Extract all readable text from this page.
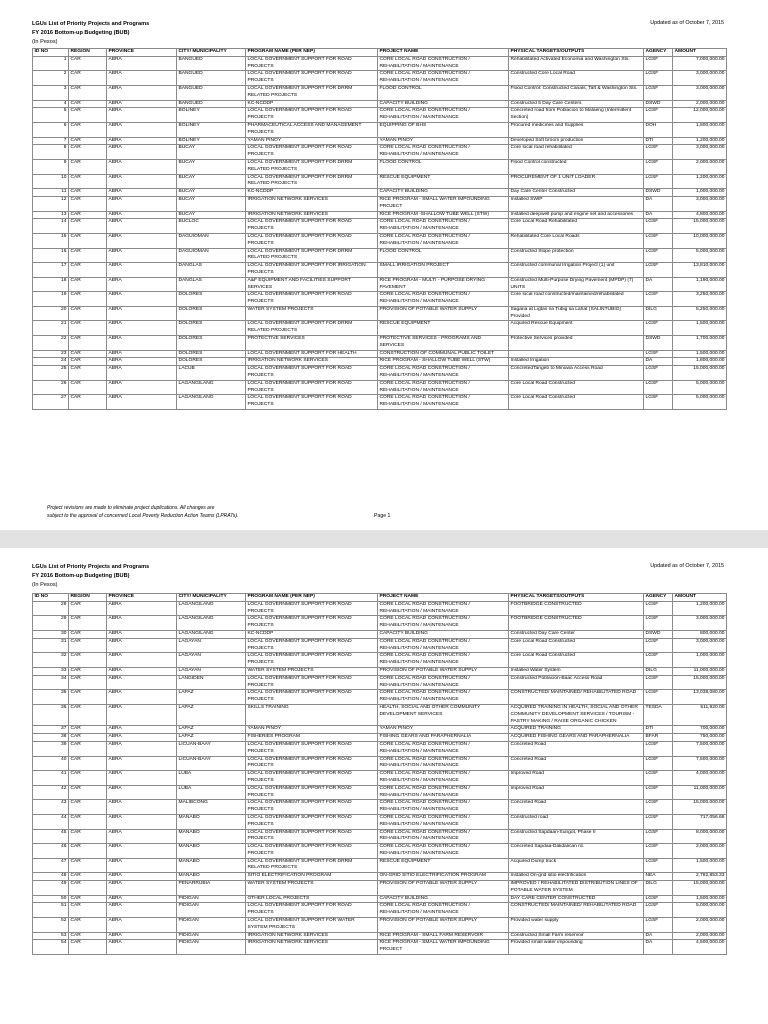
LGUs List of Priority Projects and Programs
FY 2016 Bottom-up Budgeting (BUB)
(In Pesos)
Updated as of October 7, 2015
ID NO	REGION	PROVINCE	CITY/ MUNICIPALITY	PROGRAM NAME (PER NEP)	PROJECT NAME	PHYSICAL TARGETS/OUTPUTS	AGENCY	AMOUNT
1	CAR	ABRA	BANGUED	LOCAL GOVERNMENT SUPPORT FOR ROAD PROJECTS	CORE LOCAL ROAD CONSTRUCTION / REHABILITATION / MAINTENANCE	Rehabilitated Activated Economia and Washington Sts.	LGSF	7,000,000.00
2	CAR	ABRA	BANGUED	LOCAL GOVERNMENT SUPPORT FOR ROAD PROJECTS	CORE LOCAL ROAD CONSTRUCTION / REHABILITATION / MAINTENANCE	Constructed Core Local Road	LGSF	3,000,000.00
3	CAR	ABRA	BANGUED	LOCAL GOVERNMENT SUPPORT FOR DRRM RELATED PROJECTS	FLOOD CONTROL	Flood Control: Constructed Canals, Taft & Washington Sts.	LGSF	3,000,000.00
4	CAR	ABRA	BANGUED	KC-NCDDP	CAPACITY BUILDING	Constructed 5 Day Care Centers	DSWD	2,000,000.00
5	CAR	ABRA	BOLINEY	LOCAL GOVERNMENT SUPPORT FOR ROAD PROJECTS	CORE LOCAL ROAD CONSTRUCTION / REHABILITATION / MAINTENANCE	Concreted road from Poblacion to Malaeng (Intermittent Section)	LGSF	12,000,000.00
6	CAR	ABRA	BOLINEY	PHARMACEUTICAL ACCESS AND MANAGEMENT PROJECTS	EQUIPPING OF BHS	Procured medicines and Supplies	DOH	1,800,000.00
7	CAR	ABRA	BOLINEY	YAMAN PINOY	YAMAN PINOY	Developed Soft broom production	DTI	1,200,000.00
8	CAR	ABRA	BUCAY	LOCAL GOVERNMENT SUPPORT FOR ROAD PROJECTS	CORE LOCAL ROAD CONSTRUCTION / REHABILITATION / MAINTENANCE	Core local road rehabilitated	LGSF	3,000,000.00
9	CAR	ABRA	BUCAY	LOCAL GOVERNMENT SUPPORT FOR DRRM RELATED PROJECTS	FLOOD CONTROL	Flood Control constructed	LGSF	2,000,000.00
10	CAR	ABRA	BUCAY	LOCAL GOVERNMENT SUPPORT FOR DRRM RELATED PROJECTS	RESCUE EQUIPMENT	PROCUREMENT OF 1 UNIT LOADER	LGSF	1,200,000.00
11	CAR	ABRA	BUCAY	KC-NCDDP	CAPACITY BUILDING	Day Care Center Constructed	DSWD	1,000,000.00
12	CAR	ABRA	BUCAY	IRRIGATION NETWORK SERVICES	RICE PROGRAM - SMALL WATER IMPOUNDING PROJECT	Installed SWIP	DA	3,000,000.00
13	CAR	ABRA	BUCAY	IRRIGATION NETWORK SERVICES	RICE PROGRAM -SHALLOW TUBE WELL (STW)	Installed deepwell pump and engine set and accessories	DA	4,800,000.00
14	CAR	ABRA	BUCLOC	LOCAL GOVERNMENT SUPPORT FOR ROAD PROJECTS	CORE LOCAL ROAD CONSTRUCTION / REHABILITATION / MAINTENANCE	Core Local Road Rehabilitated	LGSF	15,000,000.00
15	CAR	ABRA	DAGUIOMAN	LOCAL GOVERNMENT SUPPORT FOR ROAD PROJECTS	CORE LOCAL ROAD CONSTRUCTION / REHABILITATION / MAINTENANCE	Rehabilitated Core Local Roads	LGSF	10,000,000.00
16	CAR	ABRA	DAGUIOMAN	LOCAL GOVERNMENT SUPPORT FOR DRRM RELATED PROJECTS	FLOOD CONTROL	Constructed Slope protection	LGSF	5,000,000.00
17	CAR	ABRA	DANGLAS	LOCAL GOVERNMENT SUPPORT FOR IRRIGATION PROJECTS	SMALL IRRIGATION PROJECT	Constructed communal Irrigation Project (1) unit	LGSF	13,810,000.00
18	CAR	ABRA	DANGLAS	A&F EQUIPMENT AND FACILITIES SUPPORT SERVICES	RICE PROGRAM - MULTI - PURPOSE DRYING PAVEMENT	Constructed Multi-Purpose Drying Pavement (MPDP) (7) UNITS	DA	1,190,000.00
19	CAR	ABRA	DOLORES	LOCAL GOVERNMENT SUPPORT FOR ROAD PROJECTS	CORE LOCAL ROAD CONSTRUCTION / REHABILITATION / MAINTENANCE	Core local road constructed/maintained/rehabilitated	LGSF	3,250,000.00
20	CAR	ABRA	DOLORES	WATER SYSTEM PROJECTS	PROVISION OF POTABLE WATER SUPPLY	Sagana at Ligtas na Tubig sa Lahat (SALINTUBIG) Provided	DILG	5,250,000.00
21	CAR	ABRA	DOLORES	LOCAL GOVERNMENT SUPPORT FOR DRRM RELATED PROJECTS	RESCUE EQUIPMENT	Acquired Rescue Equipment	LGSF	1,500,000.00
22	CAR	ABRA	DOLORES	PROTECTIVE SERVICES	PROTECTIVE SERVICES - PROGRAMS AND SERVICES	Protective Services provided	DSWD	1,700,000.00
23	CAR	ABRA	DOLORES	LOCAL GOVERNMENT SUPPORT FOR HEALTH	CONSTRUCTION OF COMMUNAL PUBLIC TOILET		LGSF	1,500,000.00
24	CAR	ABRA	DOLORES	IRRIGATION NETWORK SERVICES	RICE PROGRAM - SHALLOW TUBE WELL (STW)	Installed Irrigation	DA	1,800,000.00
25	CAR	ABRA	LACUB	LOCAL GOVERNMENT SUPPORT FOR ROAD PROJECTS	CORE LOCAL ROAD CONSTRUCTION / REHABILITATION / MAINTENANCE	ConcretedTangeb to Minuwa Access Road	LGSF	15,000,000.00
26	CAR	ABRA	LAGANGILANG	LOCAL GOVERNMENT SUPPORT FOR ROAD PROJECTS	CORE LOCAL ROAD CONSTRUCTION / REHABILITATION / MAINTENANCE	Core Local Road Constructed	LGSF	5,000,000.00
27	CAR	ABRA	LAGANGILANG	LOCAL GOVERNMENT SUPPORT FOR ROAD PROJECTS	CORE LOCAL ROAD CONSTRUCTION / REHABILITATION / MAINTENANCE	Core Local Road Constructed	LGSF	5,000,000.00
Project revisions are made to eliminate project duplications. All changes are
subject to the approval of concerned Local Poverty Reduction Action Teams (LPRATs).	Page 1
LGUs List of Priority Projects and Programs
FY 2016 Bottom-up Budgeting (BUB)
(In Pesos)
Updated as of October 7, 2015
ID NO	REGION	PROVINCE	CITY/ MUNICIPALITY	PROGRAM NAME (PER NEP)	PROJECT NAME	PHYSICAL TARGETS/OUTPUTS	AGENCY	AMOUNT
28	CAR	ABRA	LAGANGILANG	LOCAL GOVERNMENT SUPPORT FOR ROAD PROJECTS	CORE LOCAL ROAD CONSTRUCTION / REHABILITATION / MAINTENANCE	FOOTBRIDGE CONSTRUCTED	LGSF	1,200,000.00
29	CAR	ABRA	LAGANGILANG	LOCAL GOVERNMENT SUPPORT FOR ROAD PROJECTS	CORE LOCAL ROAD CONSTRUCTION / REHABILITATION / MAINTENANCE	FOOTBRIDGE CONSTRUCTED	LGSF	3,000,000.00
30	CAR	ABRA	LAGANGILANG	KC-NCDDP	CAPACITY BUILDING	Constructed Day Care Center	DSWD	800,000.00
31	CAR	ABRA	LAGAYAN	LOCAL GOVERNMENT SUPPORT FOR ROAD PROJECTS	CORE LOCAL ROAD CONSTRUCTION / REHABILITATION / MAINTENANCE	Core Local Road Constructed	LGSF	3,000,000.00
32	CAR	ABRA	LAGAYAN	LOCAL GOVERNMENT SUPPORT FOR ROAD PROJECTS	CORE LOCAL ROAD CONSTRUCTION / REHABILITATION / MAINTENANCE	Core Local Road Constructed	LGSF	1,000,000.00
33	CAR	ABRA	LAGAYAN	WATER SYSTEM PROJECTS	PROVISION OF POTABLE WATER SUPPLY	Installed Water System	DILG	11,000,000.00
34	CAR	ABRA	LANGIDEN	LOCAL GOVERNMENT SUPPORT FOR ROAD PROJECTS	CORE LOCAL ROAD CONSTRUCTION / REHABILITATION / MAINTENANCE	Constructed Poblacion-Baac Access Road	LGSF	15,000,000.00
35	CAR	ABRA	LAPAZ	LOCAL GOVERNMENT SUPPORT FOR ROAD PROJECTS	CORE LOCAL ROAD CONSTRUCTION / REHABILITATION / MAINTENANCE	CONSTRUCTED/ MAINTAINED/ REHABILITATED ROAD	LGSF	13,038,080.00
36	CAR	ABRA	LAPAZ	SKILLS TRAINING	HEALTH, SOCIAL AND OTHER COMMUNITY DEVELOPMENT SERVICES	ACQUIRED TRAINING IN HEALTH, SOCIAL AND OTHER COMMUNITY DEVELOPMENT SERVICES / TOURISM - PASTRY MAKING / RAISE ORGANIC CHICKEN	TESDA	511,920.00
37	CAR	ABRA	LAPAZ	YAMAN PINOY	YAMAN PINOY	ACQUIRED TRAINING	DTI	700,000.00
38	CAR	ABRA	LAPAZ	FISHERIES PROGRAM	FISHING GEARS AND PARAPHERNALIA	ACQUIRED FISHING GEARS AND PARAPHERNALIA	BFAR	750,000.00
39	CAR	ABRA	LICUAN-BAAY	LOCAL GOVERNMENT SUPPORT FOR ROAD PROJECTS	CORE LOCAL ROAD CONSTRUCTION / REHABILITATION / MAINTENANCE	Concreted Road	LGSF	7,500,000.00
40	CAR	ABRA	LICUAN-BAAY	LOCAL GOVERNMENT SUPPORT FOR ROAD PROJECTS	CORE LOCAL ROAD CONSTRUCTION / REHABILITATION / MAINTENANCE	Concreted Road	LGSF	7,500,000.00
41	CAR	ABRA	LUBA	LOCAL GOVERNMENT SUPPORT FOR ROAD PROJECTS	CORE LOCAL ROAD CONSTRUCTION / REHABILITATION / MAINTENANCE	Improved Road	LGSF	4,000,000.00
42	CAR	ABRA	LUBA	LOCAL GOVERNMENT SUPPORT FOR ROAD PROJECTS	CORE LOCAL ROAD CONSTRUCTION / REHABILITATION / MAINTENANCE	Improved Road	LGSF	11,000,000.00
43	CAR	ABRA	MALIBCONG	LOCAL GOVERNMENT SUPPORT FOR ROAD PROJECTS	CORE LOCAL ROAD CONSTRUCTION / REHABILITATION / MAINTENANCE	Concreted Road	LGSF	15,000,000.00
44	CAR	ABRA	MANABO	LOCAL GOVERNMENT SUPPORT FOR ROAD PROJECTS	CORE LOCAL ROAD CONSTRUCTION / REHABILITATION / MAINTENANCE	Constructed road	LGSF	717,056.66
45	CAR	ABRA	MANABO	LOCAL GOVERNMENT SUPPORT FOR ROAD PROJECTS	CORE LOCAL ROAD CONSTRUCTION / REHABILITATION / MAINTENANCE	Constructed Sapdaan-Sungot, Phase II	LGSF	8,000,000.00
46	CAR	ABRA	MANABO	LOCAL GOVERNMENT SUPPORT FOR ROAD PROJECTS	CORE LOCAL ROAD CONSTRUCTION / REHABILITATION / MAINTENANCE	Concreted Sapdaa-Dalidalican rd.	LGSF	2,000,000.00
47	CAR	ABRA	MANABO	LOCAL GOVERNMENT SUPPORT FOR DRRM RELATED PROJECTS	RESCUE EQUIPMENT	Acquired Dump truck	LGSF	1,500,000.00
48	CAR	ABRA	MANABO	SITIO ELECTRIFICATION PROGRAM	ON-GRID SITIO ELECTRIFICATION PROGRAM	Installed On-grid sitio electrification	NEA	2,782,853.33
49	CAR	ABRA	PEÑARRUBIA	WATER SYSTEM PROJECTS	PROVISION OF POTABLE WATER SUPPLY	IMPROVED / REHABILITATED DISTRIBUTION LINES OF POTABLE WATER SYSTEM	DILG	15,000,000.00
50	CAR	ABRA	PIDIGAN	OTHER LOCAL PROJECTS	CAPACITY BUILDING	DAY CARE CENTER CONSTRUCTED	LGSF	1,500,000.00
51	CAR	ABRA	PIDIGAN	LOCAL GOVERNMENT SUPPORT FOR ROAD PROJECTS	CORE LOCAL ROAD CONSTRUCTION / REHABILITATION / MAINTENANCE	CONSTRUCTED/ MAINTAINED/ REHABILITATED ROAD	LGSF	5,000,000.00
52	CAR	ABRA	PIDIGAN	LOCAL GOVERNMENT SUPPORT FOR WATER SYSTEM PROJECTS	PROVISION OF POTABLE WATER SUPPLY	Provided water supply	LGSF	2,000,000.00
53	CAR	ABRA	PIDIGAN	IRRIGATION NETWORK SERVICES	RICE PROGRAM - SMALL FARM RESERVOIR	Constructed Small Farm reservoir	DA	2,000,000.00
54	CAR	ABRA	PIDIGAN	IRRIGATION NETWORK SERVICES	RICE PROGRAM - SMALL WATER IMPOUNDING PROJECT	Provided small water impounding	DA	4,500,000.00
